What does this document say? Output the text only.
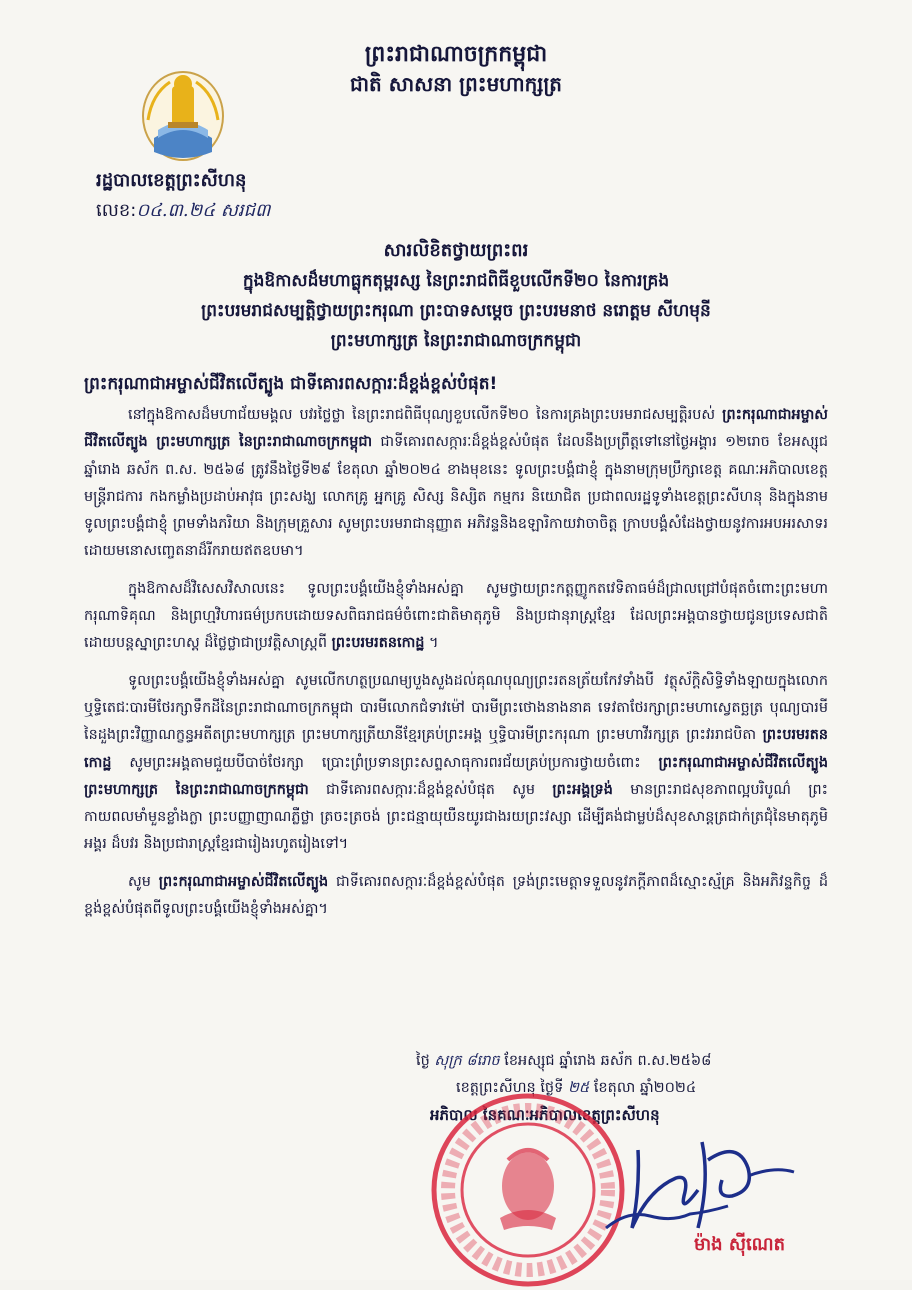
ព្រះរាជាណាចក្រកម្ពុជា
ជាតិ សាសនា ព្រះមហាក្សត្រ
រដ្ឋបាលខេត្តព្រះសីហនុ
លេខ:០៤.៣.២៤ សរជ៣
សារលិខិតថ្វាយព្រះពរ
ក្នុងឱកាសដ៏មហាធ្លុកតុម្ពរស្ស នៃព្រះរាជពិធីខួបលើកទី២០ នៃការគ្រង
ព្រះបរមរាជសម្បត្តិថ្វាយព្រះករុណា ព្រះបាទសម្តេច ព្រះបរមនាថ នរោត្តម សីហមុនី
ព្រះមហាក្សត្រ នៃព្រះរាជាណាចក្រកម្ពុជា
ព្រះករុណាជាអម្ចាស់ជីវិតលើត្បូង ជាទីគោរពសក្ការៈដ៏ខ្ពង់ខ្ពស់បំផុត!

នៅក្នុងឱកាសដ៏មហាជ័យមង្គល បវរថ្លៃថ្លា នៃព្រះរាជពិធីបុណ្យខួបលើកទី២០ នៃការគ្រងព្រះបរមរាជសម្បត្តិរបស់ ព្រះករុណាជាអម្ចាស់ជីវិតលើត្បូង ព្រះមហាក្សត្រ នៃព្រះរាជាណាចក្រកម្ពុជា ជាទីគោរពសក្ការៈដ៏ខ្ពង់ខ្ពស់បំផុត ដែលនឹងប្រព្រឹត្តទៅនៅថ្ងៃអង្គារ ១២រោច ខែអស្សុជ ឆ្នាំរោង ឆស័ក ព.ស. ២៥៦៨ ត្រូវនឹងថ្ងៃទី២៩ ខែតុលា ឆ្នាំ២០២៤ ខាងមុខនេះ ទូលព្រះបង្គំជាខ្ញុំ ក្នុងនាមក្រុមប្រឹក្សាខេត្ត គណៈអភិបាលខេត្ត មន្រ្តីរាជការ កងកម្លាំងប្រដាប់អាវុធ ព្រះសង្ឃ លោកគ្រូ អ្នកគ្រូ សិស្ស និស្សិត កម្មករ និយោជិត ប្រជាពលរដ្ឋទូទាំងខេត្តព្រះសីហនុ និងក្នុងនាមទូលព្រះបង្គំជាខ្ញុំ ព្រមទាំងភរិយា និងក្រុមគ្រួសារ សូមព្រះបរមរាជានុញ្ញាត អភិវន្ទនិងឧឡារិកាយវាចាចិត្ត ក្រាបបង្គំសំដែងថ្វាយនូវការអបអរសាទរដោយមនោសញ្ចេតនាដ៏រីករាយឥតឧបមា។

ក្នុងឱកាសដ៏វិសេសវិសាលនេះ ទូលព្រះបង្គំយើងខ្ញុំទាំងអស់គ្នា សូមថ្វាយព្រះកត្តញ្ញូកតវេទិតាធម៌ដ៏ជ្រាលជ្រៅបំផុតចំពោះព្រះមហាករុណាទិគុណ និងព្រហ្មវិហារធម៌ប្រកបដោយទសពិធរាជធម៌ចំពោះជាតិមាតុភូមិ និងប្រជានុរាស្រ្តខ្មែរ ដែលព្រះអង្គបានថ្វាយជូនប្រទេសជាតិដោយបន្តស្នាព្រះហស្ត ដ៏ថ្លៃថ្លាជាប្រវត្តិសាស្រ្តពី ព្រះបរមរតនកោដ្ឋ ។

ទូលព្រះបង្គំយើងខ្ញុំទាំងអស់គ្នា សូមលើកហត្ថប្រណម្យបួងសួងដល់គុណបុណ្យព្រះរតនត្រ័យកែវទាំងបី វត្ថុស័ក្តិសិទ្ធិទាំងឡាយក្នុងលោក ឬទ្ធិតេជៈបារមីថែរក្សាទឹកដីនៃព្រះរាជាណាចក្រកម្ពុជា បារមីលោកជំទាវម៉ៅ បារមីព្រះថោងនាងនាគ ទេវតាថែរក្សាព្រះមហាស្វេតច្ឆត្រ បុណ្យបារមីនៃដួងព្រះវិញ្ញាណក្ខន្ធអតីតព្រះមហាក្សត្រ ព្រះមហាក្សត្រីយានីខ្មែរគ្រប់ព្រះអង្គ ឬទ្ធិបារមីព្រះករុណា ព្រះមហាវីរក្សត្រ ព្រះវររាជបិតា ព្រះបរមរតនកោដ្ឋ សូមព្រះអង្គតាមជួយបីបាច់ថែរក្សា ប្រោះព្រំប្រទានព្រះសព្ទសាធុការពរជ័យគ្រប់ប្រការថ្វាយចំពោះ ព្រះករុណាជាអម្ចាស់ជីវិតលើត្បូង ព្រះមហាក្សត្រ នៃព្រះរាជាណាចក្រកម្ពុជា ជាទីគោរពសក្ការៈដ៏ខ្ពង់ខ្ពស់បំផុត សូម ព្រះអង្គទ្រង់ មានព្រះរាជសុខភាពល្អបរិបូណ៌ ព្រះកាយពលមាំមួនខ្លាំងក្លា ព្រះបញ្ញាញាណភ្លឺថ្លា ត្រចះត្រចង់ ព្រះជន្មាយុយឺនយូរជាងរយព្រះវស្សា ដើម្បីគង់ជាម្លប់ដ៏សុខសាន្តត្រជាក់ត្រជុំនៃមាតុភូមិអង្គរ ដ៏បវរ និងប្រជារាស្រ្តខ្មែរជារៀងរហូតរៀងទៅ។

សូម ព្រះករុណាជាអម្ចាស់ជីវិតលើត្បូង ជាទីគោរពសក្ការៈដ៏ខ្ពង់ខ្ពស់បំផុត ទ្រង់ព្រះមេត្តាទទួលនូវភក្តីភាពដ៏ស្មោះស្ម័គ្រ និងអភិវន្ទកិច្ច ដ៏ខ្ពង់ខ្ពស់បំផុតពីទូលព្រះបង្គំយើងខ្ញុំទាំងអស់គ្នា។

ថ្ងៃ សុក្រ ៨រោច ខែអស្សុជ ឆ្នាំរោង ឆស័ក ព.ស.២៥៦៨
ខេត្តព្រះសីហនុ ថ្ងៃទី ២៥ ខែតុលា ឆ្នាំ២០២៤
អភិបាល នៃគណៈអភិបាលខេត្តព្រះសីហនុ
ម៉ាង ស៊ីណេត
